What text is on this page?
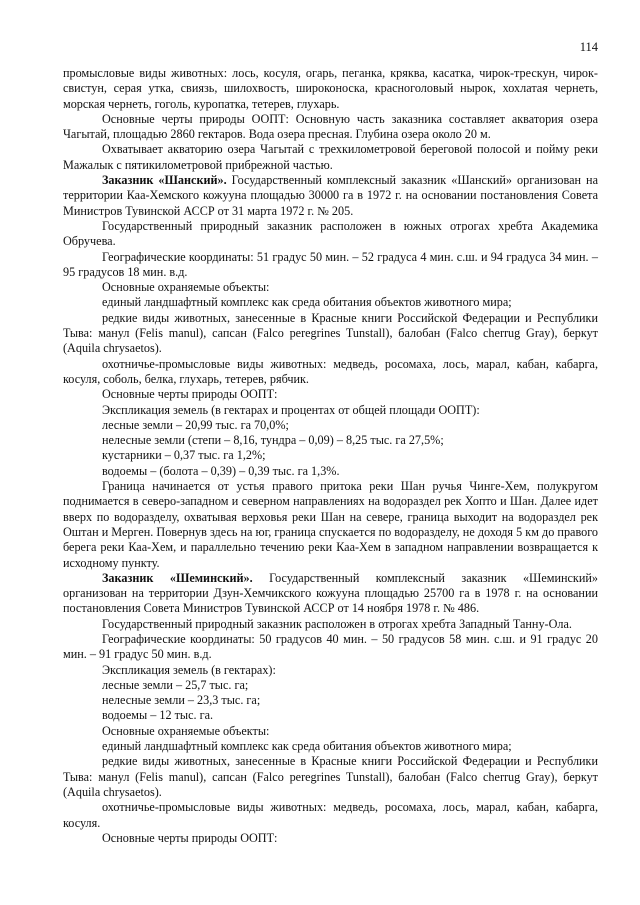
114

промысловые виды животных: лось, косуля, огарь, пеганка, кряква, касатка, чирок-трескун, чирок-свистун, серая утка, свиязь, шилохвость, широконоска, красноголовый нырок, хохлатая чернеть, морская чернеть, гоголь, куропатка, тетерев, глухарь.

Основные черты природы ООПТ: Основную часть заказника составляет акватория озера Чагытай, площадью 2860 гектаров. Вода озера пресная. Глубина озера около 20 м.

Охватывает акваторию озера Чагытай с трехкилометровой береговой полосой и пойму реки Мажалык с пятикилометровой прибрежной частью.

Заказник «Шанский». Государственный комплексный заказник «Шанский» организован на территории Каа-Хемского кожууна площадью 30000 га в 1972 г. на основании постановления Совета Министров Тувинской АССР от 31 марта 1972 г. № 205.

Государственный природный заказник расположен в южных отрогах хребта Академика Обручева.

Географические координаты: 51 градус 50 мин. – 52 градуса 4 мин. с.ш. и 94 градуса 34 мин. – 95 градусов 18 мин. в.д.

Основные охраняемые объекты:

единый ландшафтный комплекс как среда обитания объектов животного мира;

редкие виды животных, занесенные в Красные книги Российской Федерации и Республики Тыва: манул (Felis manul), сапсан (Falco peregrines Tunstall), балобан (Falco cherrug Gray), беркут (Aquila chrysaetos).

охотничье-промысловые виды животных: медведь, росомаха, лось, марал, кабан, кабарга, косуля, соболь, белка, глухарь, тетерев, рябчик.

Основные черты природы ООПТ:

Экспликация земель (в гектарах и процентах от общей площади ООПТ):

лесные земли – 20,99 тыс. га 70,0%;

нелесные земли (степи – 8,16, тундра – 0,09) – 8,25 тыс. га 27,5%;

кустарники – 0,37 тыс. га 1,2%;

водоемы – (болота – 0,39) – 0,39 тыс. га 1,3%.

Граница начинается от устья правого притока реки Шан ручья Чинге-Хем, полукругом поднимается в северо-западном и северном направлениях на водораздел рек Хопто и Шан. Далее идет вверх по водоразделу, охватывая верховья реки Шан на севере, граница выходит на водораздел рек Оштан и Мерген. Повернув здесь на юг, граница спускается по водоразделу, не доходя 5 км до правого берега реки Каа-Хем, и параллельно течению реки Каа-Хем в западном направлении возвращается к исходному пункту.

Заказник «Шеминский». Государственный комплексный заказник «Шеминский» организован на территории Дзун-Хемчикского кожууна площадью 25700 га в 1978 г. на основании постановления Совета Министров Тувинской АССР от 14 ноября 1978 г. № 486.

Государственный природный заказник расположен в отрогах хребта Западный Танну-Ола.

Географические координаты: 50 градусов 40 мин. – 50 градусов 58 мин. с.ш. и 91 градус 20 мин. – 91 градус 50 мин. в.д.

Экспликация земель (в гектарах):

лесные земли – 25,7 тыс. га;

нелесные земли – 23,3 тыс. га;

водоемы – 12 тыс. га.

Основные охраняемые объекты:

единый ландшафтный комплекс как среда обитания объектов животного мира;

редкие виды животных, занесенные в Красные книги Российской Федерации и Республики Тыва: манул (Felis manul), сапсан (Falco peregrines Tunstall), балобан (Falco cherrug Gray), беркут (Aquila chrysaetos).

охотничье-промысловые виды животных: медведь, росомаха, лось, марал, кабан, кабарга, косуля.

Основные черты природы ООПТ:
